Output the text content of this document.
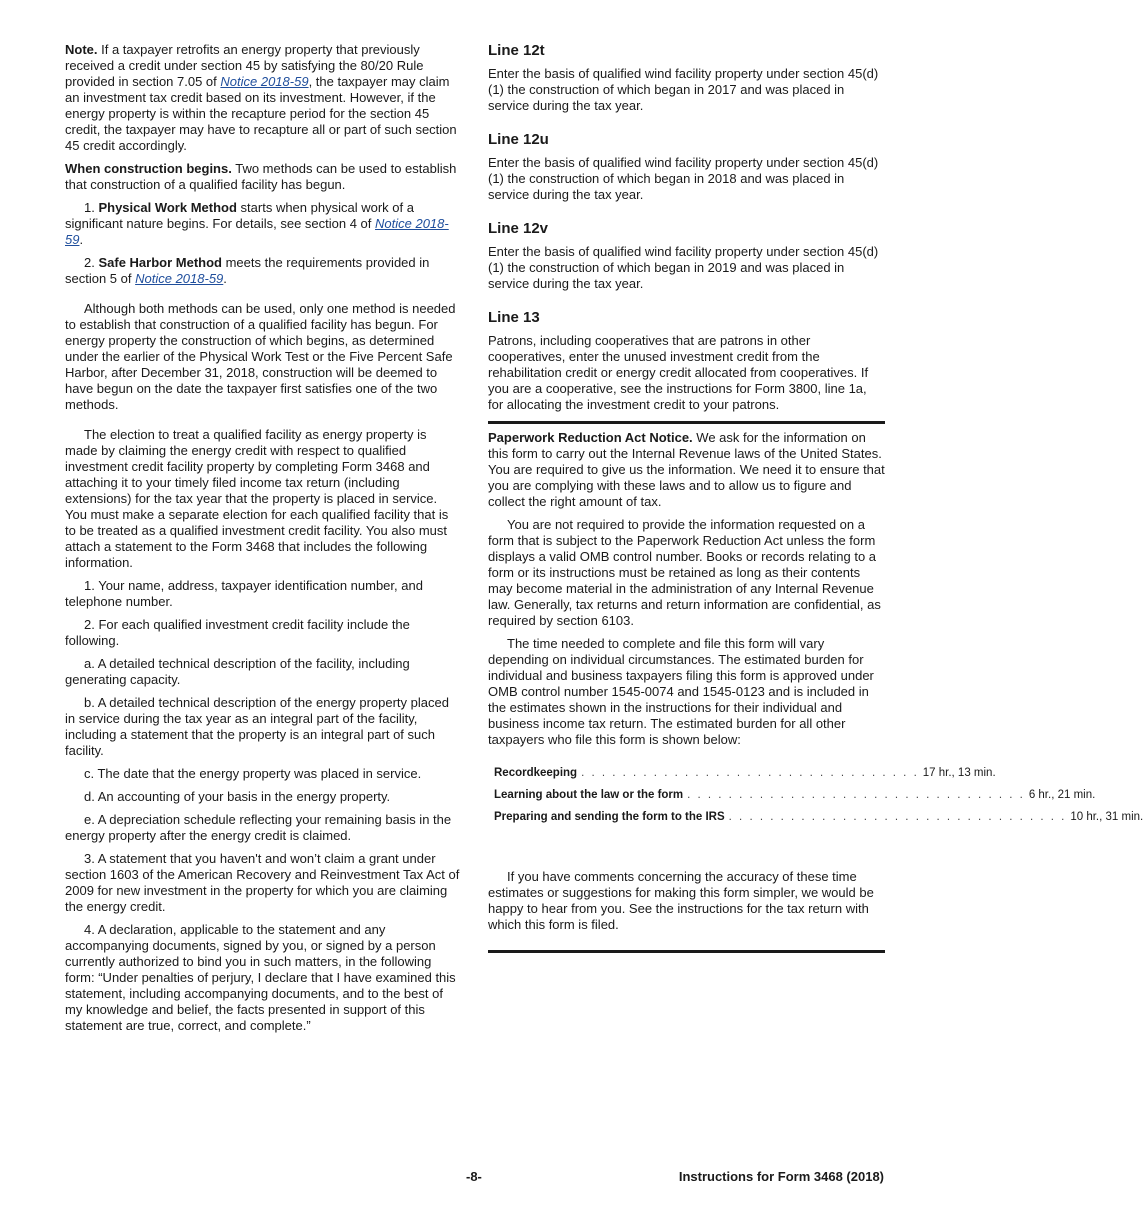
Note. If a taxpayer retrofits an energy property that previously received a credit under section 45 by satisfying the 80/20 Rule provided in section 7.05 of Notice 2018-59, the taxpayer may claim an investment tax credit based on its investment. However, if the energy property is within the recapture period for the section 45 credit, the taxpayer may have to recapture all or part of such section 45 credit accordingly.

When construction begins. Two methods can be used to establish that construction of a qualified facility has begun.

1. Physical Work Method starts when physical work of a significant nature begins. For details, see section 4 of Notice 2018-59.

2. Safe Harbor Method meets the requirements provided in section 5 of Notice 2018-59.

Although both methods can be used, only one method is needed to establish that construction of a qualified facility has begun. For energy property the construction of which begins, as determined under the earlier of the Physical Work Test or the Five Percent Safe Harbor, after December 31, 2018, construction will be deemed to have begun on the date the taxpayer first satisfies one of the two methods.

The election to treat a qualified facility as energy property is made by claiming the energy credit with respect to qualified investment credit facility property by completing Form 3468 and attaching it to your timely filed income tax return (including extensions) for the tax year that the property is placed in service. You must make a separate election for each qualified facility that is to be treated as a qualified investment credit facility. You also must attach a statement to the Form 3468 that includes the following information.

1. Your name, address, taxpayer identification number, and telephone number.

2. For each qualified investment credit facility include the following.

a. A detailed technical description of the facility, including generating capacity.

b. A detailed technical description of the energy property placed in service during the tax year as an integral part of the facility, including a statement that the property is an integral part of such facility.

c. The date that the energy property was placed in service.

d. An accounting of your basis in the energy property.

e. A depreciation schedule reflecting your remaining basis in the energy property after the energy credit is claimed.

3. A statement that you haven't and won’t claim a grant under section 1603 of the American Recovery and Reinvestment Tax Act of 2009 for new investment in the property for which you are claiming the energy credit.

4. A declaration, applicable to the statement and any accompanying documents, signed by you, or signed by a person currently authorized to bind you in such matters, in the following form: “Under penalties of perjury, I declare that I have examined this statement, including accompanying documents, and to the best of my knowledge and belief, the facts presented in support of this statement are true, correct, and complete.”

Line 12t

Enter the basis of qualified wind facility property under section 45(d)(1) the construction of which began in 2017 and was placed in service during the tax year.

Line 12u

Enter the basis of qualified wind facility property under section 45(d)(1) the construction of which began in 2018 and was placed in service during the tax year.

Line 12v

Enter the basis of qualified wind facility property under section 45(d)(1) the construction of which began in 2019 and was placed in service during the tax year.

Line 13

Patrons, including cooperatives that are patrons in other cooperatives, enter the unused investment credit from the rehabilitation credit or energy credit allocated from cooperatives. If you are a cooperative, see the instructions for Form 3800, line 1a, for allocating the investment credit to your patrons.

Paperwork Reduction Act Notice. We ask for the information on this form to carry out the Internal Revenue laws of the United States. You are required to give us the information. We need it to ensure that you are complying with these laws and to allow us to figure and collect the right amount of tax.

You are not required to provide the information requested on a form that is subject to the Paperwork Reduction Act unless the form displays a valid OMB control number. Books or records relating to a form or its instructions must be retained as long as their contents may become material in the administration of any Internal Revenue law. Generally, tax returns and return information are confidential, as required by section 6103.

The time needed to complete and file this form will vary depending on individual circumstances. The estimated burden for individual and business taxpayers filing this form is approved under OMB control number 1545-0074 and 1545-0123 and is included in the estimates shown in the instructions for their individual and business income tax return. The estimated burden for all other taxpayers who file this form is shown below:

Recordkeeping . . . . . . . . . . . . . . . . . . . . . . . . . . . . . . . . . 17 hr., 13 min.
Learning about the law or the form . . . . . . . . . . . . . . . . . . . . . . . . . . . . . . . . . 6 hr., 21 min.
Preparing and sending the form to the IRS . . . . . . . . . . . . . . . . . . . . . . . . . . . . . . . . . 10 hr., 31 min.

If you have comments concerning the accuracy of these time estimates or suggestions for making this form simpler, we would be happy to hear from you. See the instructions for the tax return with which this form is filed.

-8-	Instructions for Form 3468 (2018)
